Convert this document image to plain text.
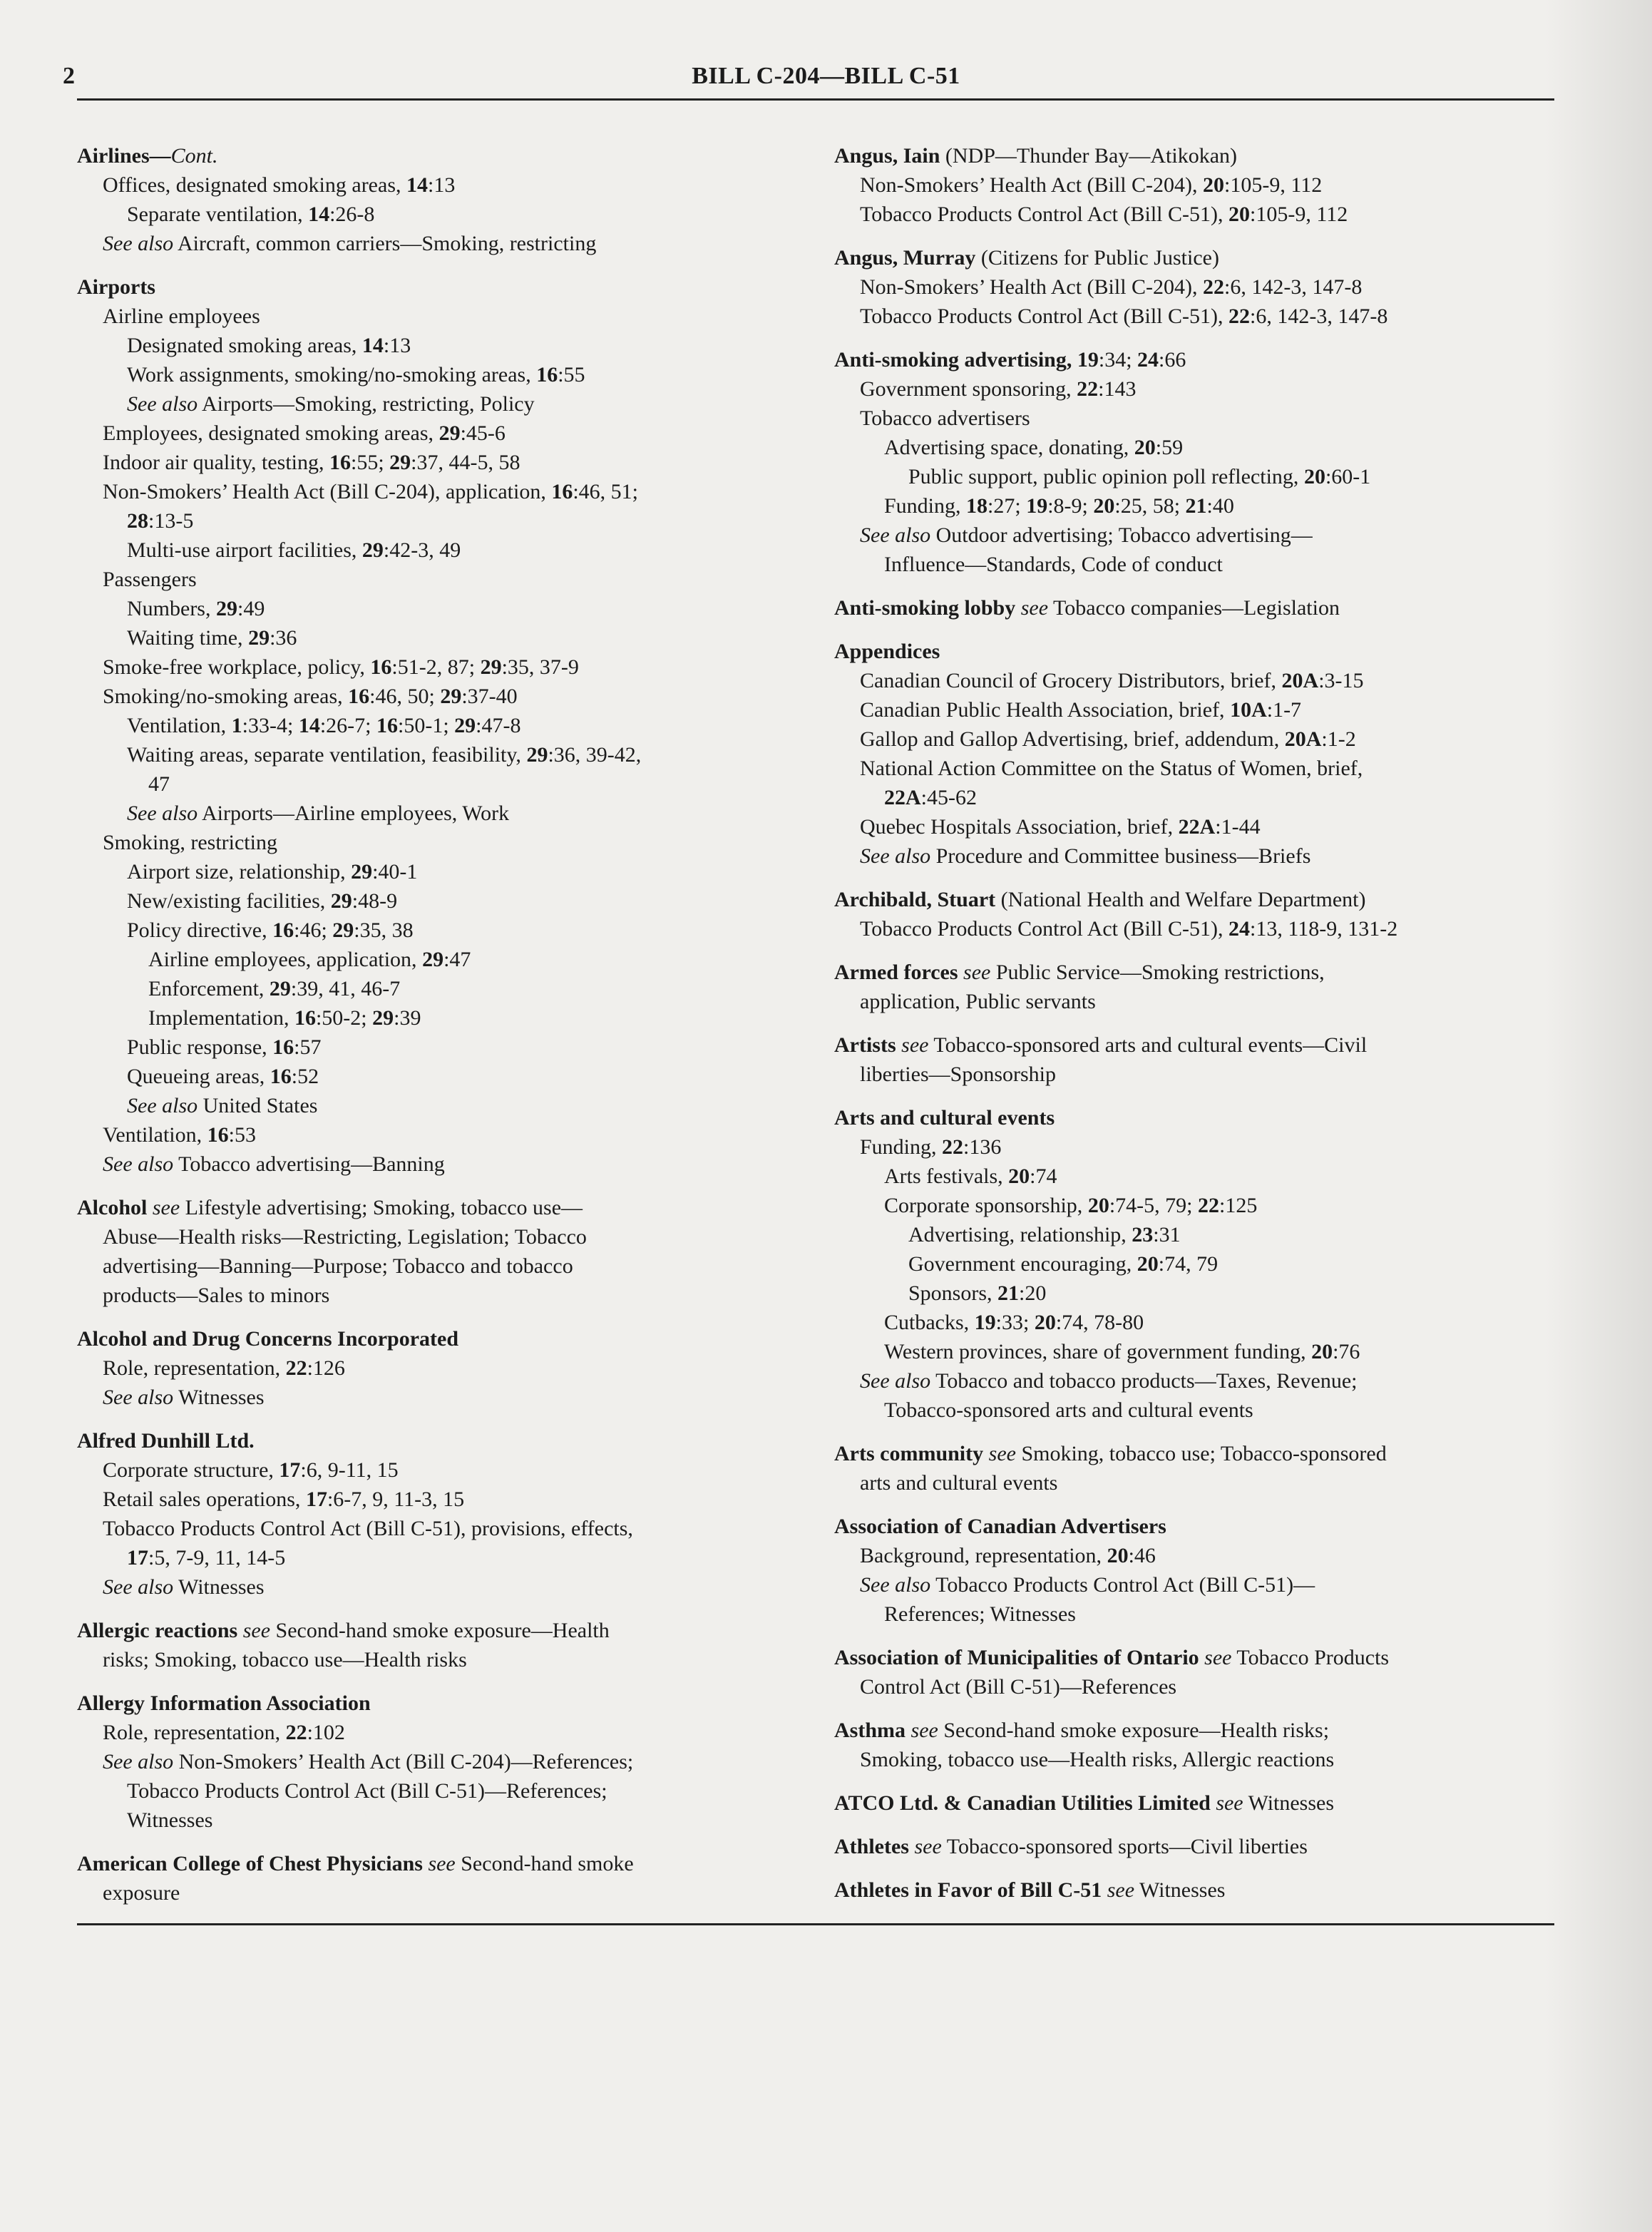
2	BILL C-204—BILL C-51
Airlines—Cont.
Offices, designated smoking areas, 14:13
Separate ventilation, 14:26-8
See also Aircraft, common carriers—Smoking, restricting
Airports
Airline employees
Designated smoking areas, 14:13
Work assignments, smoking/no-smoking areas, 16:55
See also Airports—Smoking, restricting, Policy
Employees, designated smoking areas, 29:45-6
Indoor air quality, testing, 16:55; 29:37, 44-5, 58
Non-Smokers’ Health Act (Bill C-204), application, 16:46, 51;
28:13-5
Multi-use airport facilities, 29:42-3, 49
Passengers
Numbers, 29:49
Waiting time, 29:36
Smoke-free workplace, policy, 16:51-2, 87; 29:35, 37-9
Smoking/no-smoking areas, 16:46, 50; 29:37-40
Ventilation, 1:33-4; 14:26-7; 16:50-1; 29:47-8
Waiting areas, separate ventilation, feasibility, 29:36, 39-42,
47
See also Airports—Airline employees, Work
Smoking, restricting
Airport size, relationship, 29:40-1
New/existing facilities, 29:48-9
Policy directive, 16:46; 29:35, 38
Airline employees, application, 29:47
Enforcement, 29:39, 41, 46-7
Implementation, 16:50-2; 29:39
Public response, 16:57
Queueing areas, 16:52
See also United States
Ventilation, 16:53
See also Tobacco advertising—Banning
Alcohol see Lifestyle advertising; Smoking, tobacco use—
Abuse—Health risks—Restricting, Legislation; Tobacco
advertising—Banning—Purpose; Tobacco and tobacco
products—Sales to minors
Alcohol and Drug Concerns Incorporated
Role, representation, 22:126
See also Witnesses
Alfred Dunhill Ltd.
Corporate structure, 17:6, 9-11, 15
Retail sales operations, 17:6-7, 9, 11-3, 15
Tobacco Products Control Act (Bill C-51), provisions, effects,
17:5, 7-9, 11, 14-5
See also Witnesses
Allergic reactions see Second-hand smoke exposure—Health
risks; Smoking, tobacco use—Health risks
Allergy Information Association
Role, representation, 22:102
See also Non-Smokers’ Health Act (Bill C-204)—References;
Tobacco Products Control Act (Bill C-51)—References;
Witnesses
American College of Chest Physicians see Second-hand smoke
exposure
Angus, Iain (NDP—Thunder Bay—Atikokan)
Non-Smokers’ Health Act (Bill C-204), 20:105-9, 112
Tobacco Products Control Act (Bill C-51), 20:105-9, 112
Angus, Murray (Citizens for Public Justice)
Non-Smokers’ Health Act (Bill C-204), 22:6, 142-3, 147-8
Tobacco Products Control Act (Bill C-51), 22:6, 142-3, 147-8
Anti-smoking advertising, 19:34; 24:66
Government sponsoring, 22:143
Tobacco advertisers
Advertising space, donating, 20:59
Public support, public opinion poll reflecting, 20:60-1
Funding, 18:27; 19:8-9; 20:25, 58; 21:40
See also Outdoor advertising; Tobacco advertising—
Influence—Standards, Code of conduct
Anti-smoking lobby see Tobacco companies—Legislation
Appendices
Canadian Council of Grocery Distributors, brief, 20A:3-15
Canadian Public Health Association, brief, 10A:1-7
Gallop and Gallop Advertising, brief, addendum, 20A:1-2
National Action Committee on the Status of Women, brief,
22A:45-62
Quebec Hospitals Association, brief, 22A:1-44
See also Procedure and Committee business—Briefs
Archibald, Stuart (National Health and Welfare Department)
Tobacco Products Control Act (Bill C-51), 24:13, 118-9, 131-2
Armed forces see Public Service—Smoking restrictions,
application, Public servants
Artists see Tobacco-sponsored arts and cultural events—Civil
liberties—Sponsorship
Arts and cultural events
Funding, 22:136
Arts festivals, 20:74
Corporate sponsorship, 20:74-5, 79; 22:125
Advertising, relationship, 23:31
Government encouraging, 20:74, 79
Sponsors, 21:20
Cutbacks, 19:33; 20:74, 78-80
Western provinces, share of government funding, 20:76
See also Tobacco and tobacco products—Taxes, Revenue;
Tobacco-sponsored arts and cultural events
Arts community see Smoking, tobacco use; Tobacco-sponsored
arts and cultural events
Association of Canadian Advertisers
Background, representation, 20:46
See also Tobacco Products Control Act (Bill C-51)—
References; Witnesses
Association of Municipalities of Ontario see Tobacco Products
Control Act (Bill C-51)—References
Asthma see Second-hand smoke exposure—Health risks;
Smoking, tobacco use—Health risks, Allergic reactions
ATCO Ltd. & Canadian Utilities Limited see Witnesses
Athletes see Tobacco-sponsored sports—Civil liberties
Athletes in Favor of Bill C-51 see Witnesses
